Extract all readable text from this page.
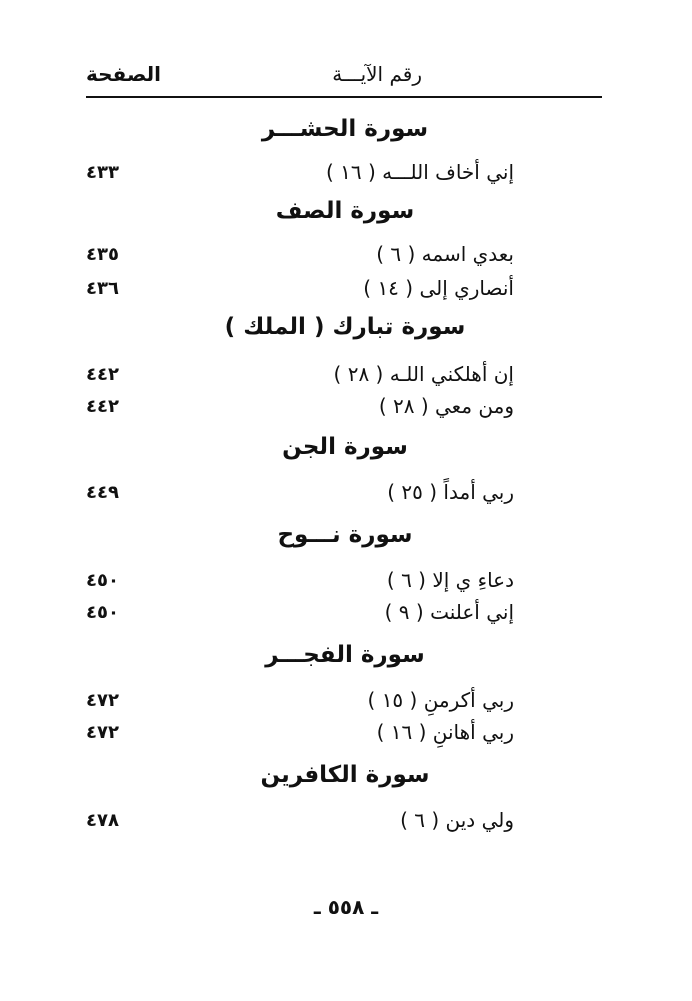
رقم الآيـــة
الصفحة
سورة الحشـــر
إني أخاف اللـــه ( ١٦ )
٤٣٣
سورة الصف
بعدي اسمه ( ٦ )
٤٣٥
أنصاري إلى ( ١٤ )
٤٣٦
سورة تبارك ( الملك )
إن أهلكني اللـه ( ٢٨ )
٤٤٢
ومن معي ( ٢٨ )
٤٤٢
سورة الجن
ربي أمداً ( ٢٥ )
٤٤٩
سورة نـــوح
دعاءِ ي إلا ( ٦ )
٤٥٠
إني أعلنت ( ٩ )
٤٥٠
سورة الفجـــر
ربي أكرمنِ ( ١٥ )
٤٧٢
ربي أهاننِ ( ١٦ )
٤٧٢
سورة الكافرين
ولي دين ( ٦ )
٤٧٨
ـ ٥٥٨ ـ
